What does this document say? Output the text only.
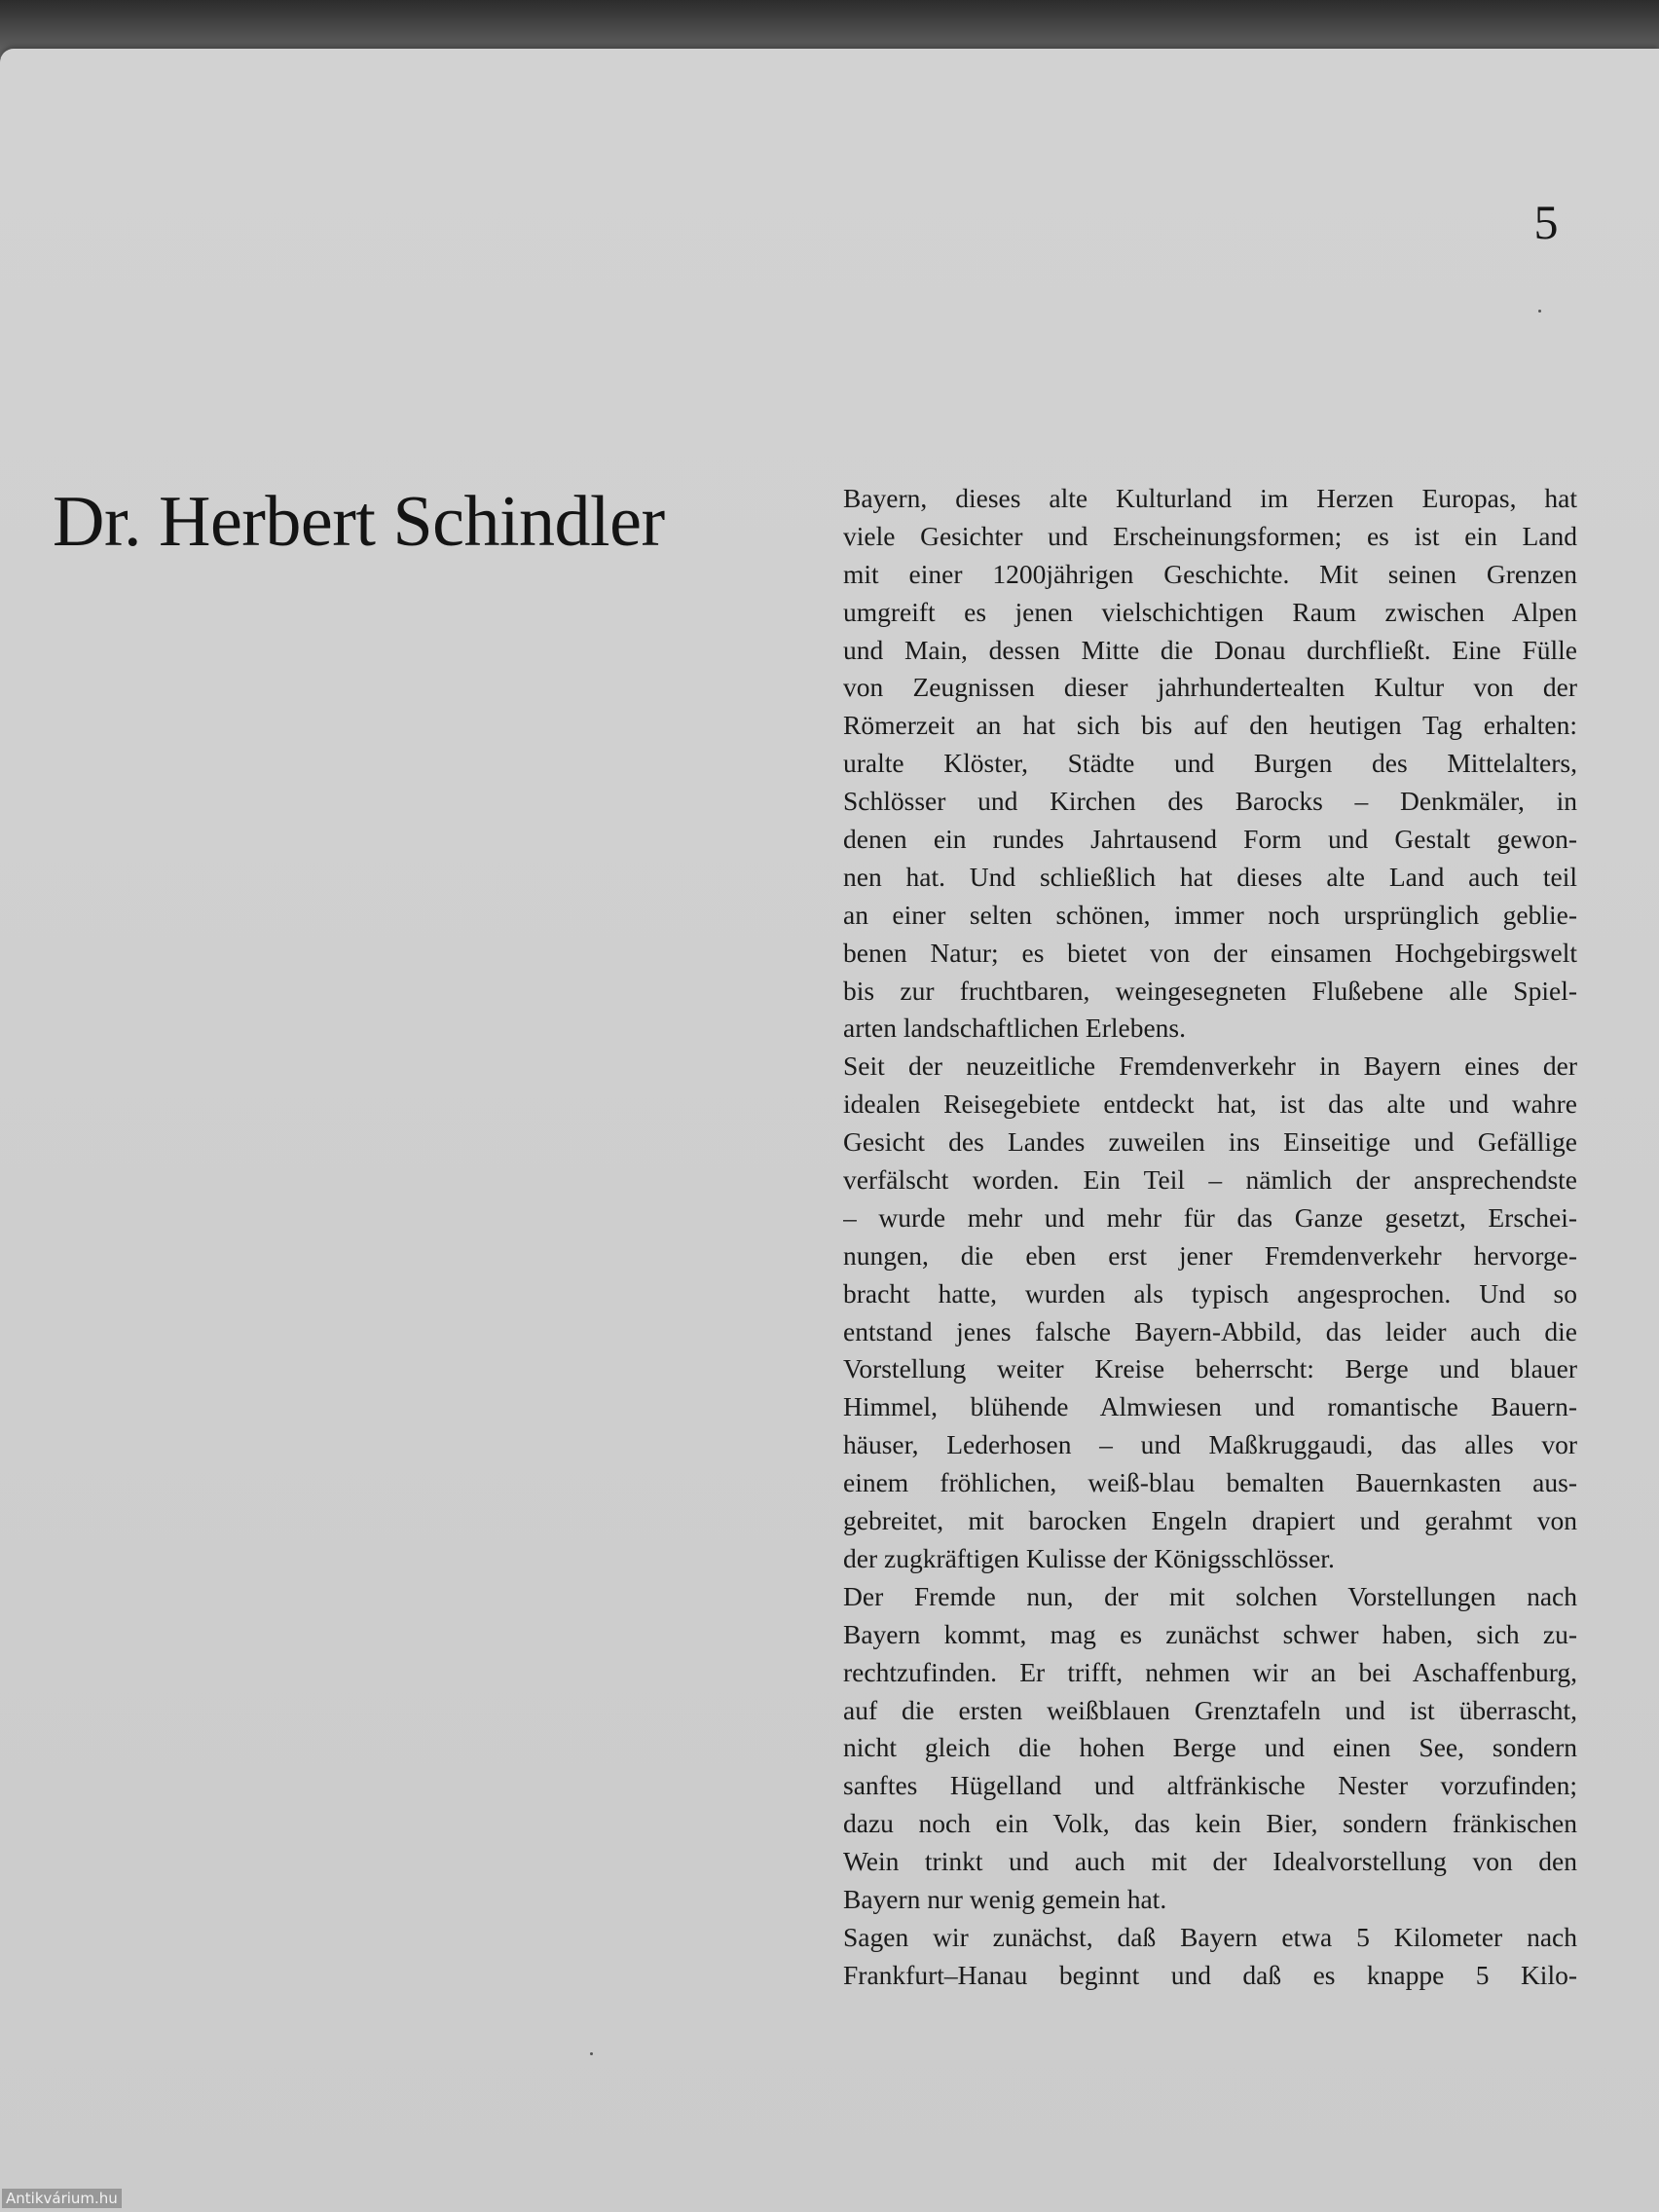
5
Dr. Herbert Schindler	Bayern, dieses alte Kulturland im Herzen Europas, hat
viele Gesichter und Erscheinungsformen; es ist ein Land
mit einer 1200jährigen Geschichte. Mit seinen Grenzen
umgreift es jenen vielschichtigen Raum zwischen Alpen
und Main, dessen Mitte die Donau durchfließt. Eine Fülle
von Zeugnissen dieser jahrhundertealten Kultur von der
Römerzeit an hat sich bis auf den heutigen Tag erhalten:
uralte Klöster, Städte und Burgen des Mittelalters,
Schlösser und Kirchen des Barocks – Denkmäler, in
denen ein rundes Jahrtausend Form und Gestalt gewon-
nen hat. Und schließlich hat dieses alte Land auch teil
an einer selten schönen, immer noch ursprünglich geblie-
benen Natur; es bietet von der einsamen Hochgebirgswelt
bis zur fruchtbaren, weingesegneten Flußebene alle Spiel-
arten landschaftlichen Erlebens.
Seit der neuzeitliche Fremdenverkehr in Bayern eines der
idealen Reisegebiete entdeckt hat, ist das alte und wahre
Gesicht des Landes zuweilen ins Einseitige und Gefällige
verfälscht worden. Ein Teil – nämlich der ansprechendste
– wurde mehr und mehr für das Ganze gesetzt, Erschei-
nungen, die eben erst jener Fremdenverkehr hervorge-
bracht hatte, wurden als typisch angesprochen. Und so
entstand jenes falsche Bayern-Abbild, das leider auch die
Vorstellung weiter Kreise beherrscht: Berge und blauer
Himmel, blühende Almwiesen und romantische Bauern-
häuser, Lederhosen – und Maßkruggaudi, das alles vor
einem fröhlichen, weiß-blau bemalten Bauernkasten aus-
gebreitet, mit barocken Engeln drapiert und gerahmt von
der zugkräftigen Kulisse der Königsschlösser.
Der Fremde nun, der mit solchen Vorstellungen nach
Bayern kommt, mag es zunächst schwer haben, sich zu-
rechtzufinden. Er trifft, nehmen wir an bei Aschaffenburg,
auf die ersten weißblauen Grenztafeln und ist überrascht,
nicht gleich die hohen Berge und einen See, sondern
sanftes Hügelland und altfränkische Nester vorzufinden;
dazu noch ein Volk, das kein Bier, sondern fränkischen
Wein trinkt und auch mit der Idealvorstellung von den
Bayern nur wenig gemein hat.
Sagen wir zunächst, daß Bayern etwa 5 Kilometer nach
Frankfurt–Hanau beginnt und daß es knappe 5 Kilo-
Antikvárium.hu
